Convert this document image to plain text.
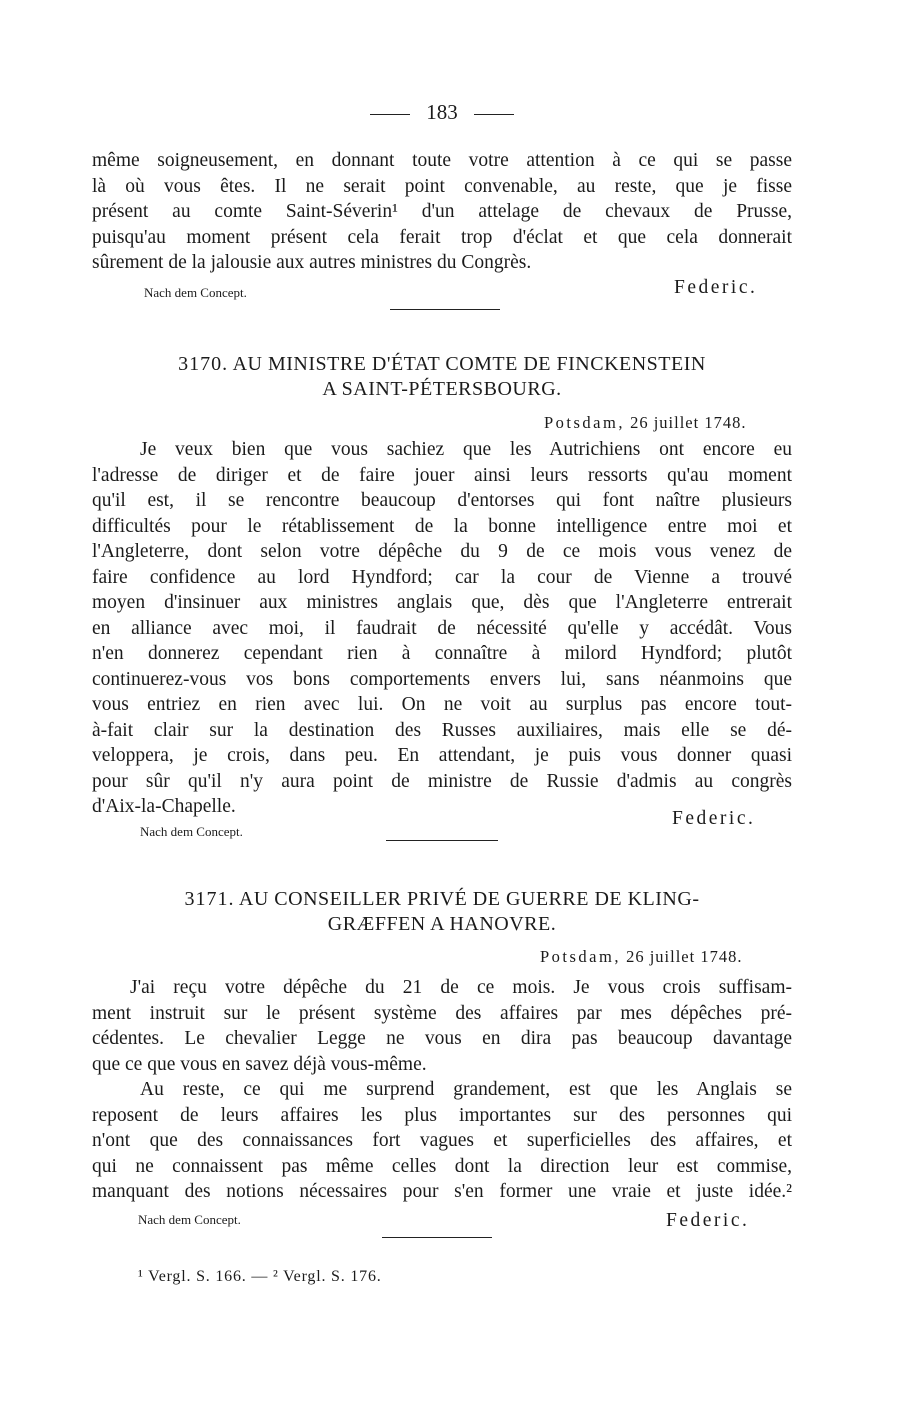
183
même soigneusement, en donnant toute votre attention à ce qui se passe
là où vous êtes. Il ne serait point convenable, au reste, que je fisse
présent au comte Saint-Séverin¹ d'un attelage de chevaux de Prusse,
puisqu'au moment présent cela ferait trop d'éclat et que cela donnerait
sûrement de la jalousie aux autres ministres du Congrès.
Nach dem Concept.	Federic.
3170. AU MINISTRE D'ÉTAT COMTE DE FINCKENSTEIN
A SAINT-PÉTERSBOURG.
Potsdam, 26 juillet 1748.
Je veux bien que vous sachiez que les Autrichiens ont encore eu
l'adresse de diriger et de faire jouer ainsi leurs ressorts qu'au moment
qu'il est, il se rencontre beaucoup d'entorses qui font naître plusieurs
difficultés pour le rétablissement de la bonne intelligence entre moi et
l'Angleterre, dont selon votre dépêche du 9 de ce mois vous venez de
faire confidence au lord Hyndford; car la cour de Vienne a trouvé
moyen d'insinuer aux ministres anglais que, dès que l'Angleterre entrerait
en alliance avec moi, il faudrait de nécessité qu'elle y accédât. Vous
n'en donnerez cependant rien à connaître à milord Hyndford; plutôt
continuerez-vous vos bons comportements envers lui, sans néanmoins que
vous entriez en rien avec lui. On ne voit au surplus pas encore tout-
à-fait clair sur la destination des Russes auxiliaires, mais elle se dé-
veloppera, je crois, dans peu. En attendant, je puis vous donner quasi
pour sûr qu'il n'y aura point de ministre de Russie d'admis au congrès
d'Aix-la-Chapelle.
Nach dem Concept.
Federic.
3171. AU CONSEILLER PRIVÉ DE GUERRE DE KLING-
GRÆFFEN A HANOVRE.
Potsdam, 26 juillet 1748.
J'ai reçu votre dépêche du 21 de ce mois. Je vous crois suffisam-
ment instruit sur le présent système des affaires par mes dépêches pré-
cédentes. Le chevalier Legge ne vous en dira pas beaucoup davantage
que ce que vous en savez déjà vous-même.
Au reste, ce qui me surprend grandement, est que les Anglais se
reposent de leurs affaires les plus importantes sur des personnes qui
n'ont que des connaissances fort vagues et superficielles des affaires, et
qui ne connaissent pas même celles dont la direction leur est commise,
manquant des notions nécessaires pour s'en former une vraie et juste idée.²
Nach dem Concept.	Federic.
¹ Vergl. S. 166. — ² Vergl. S. 176.
